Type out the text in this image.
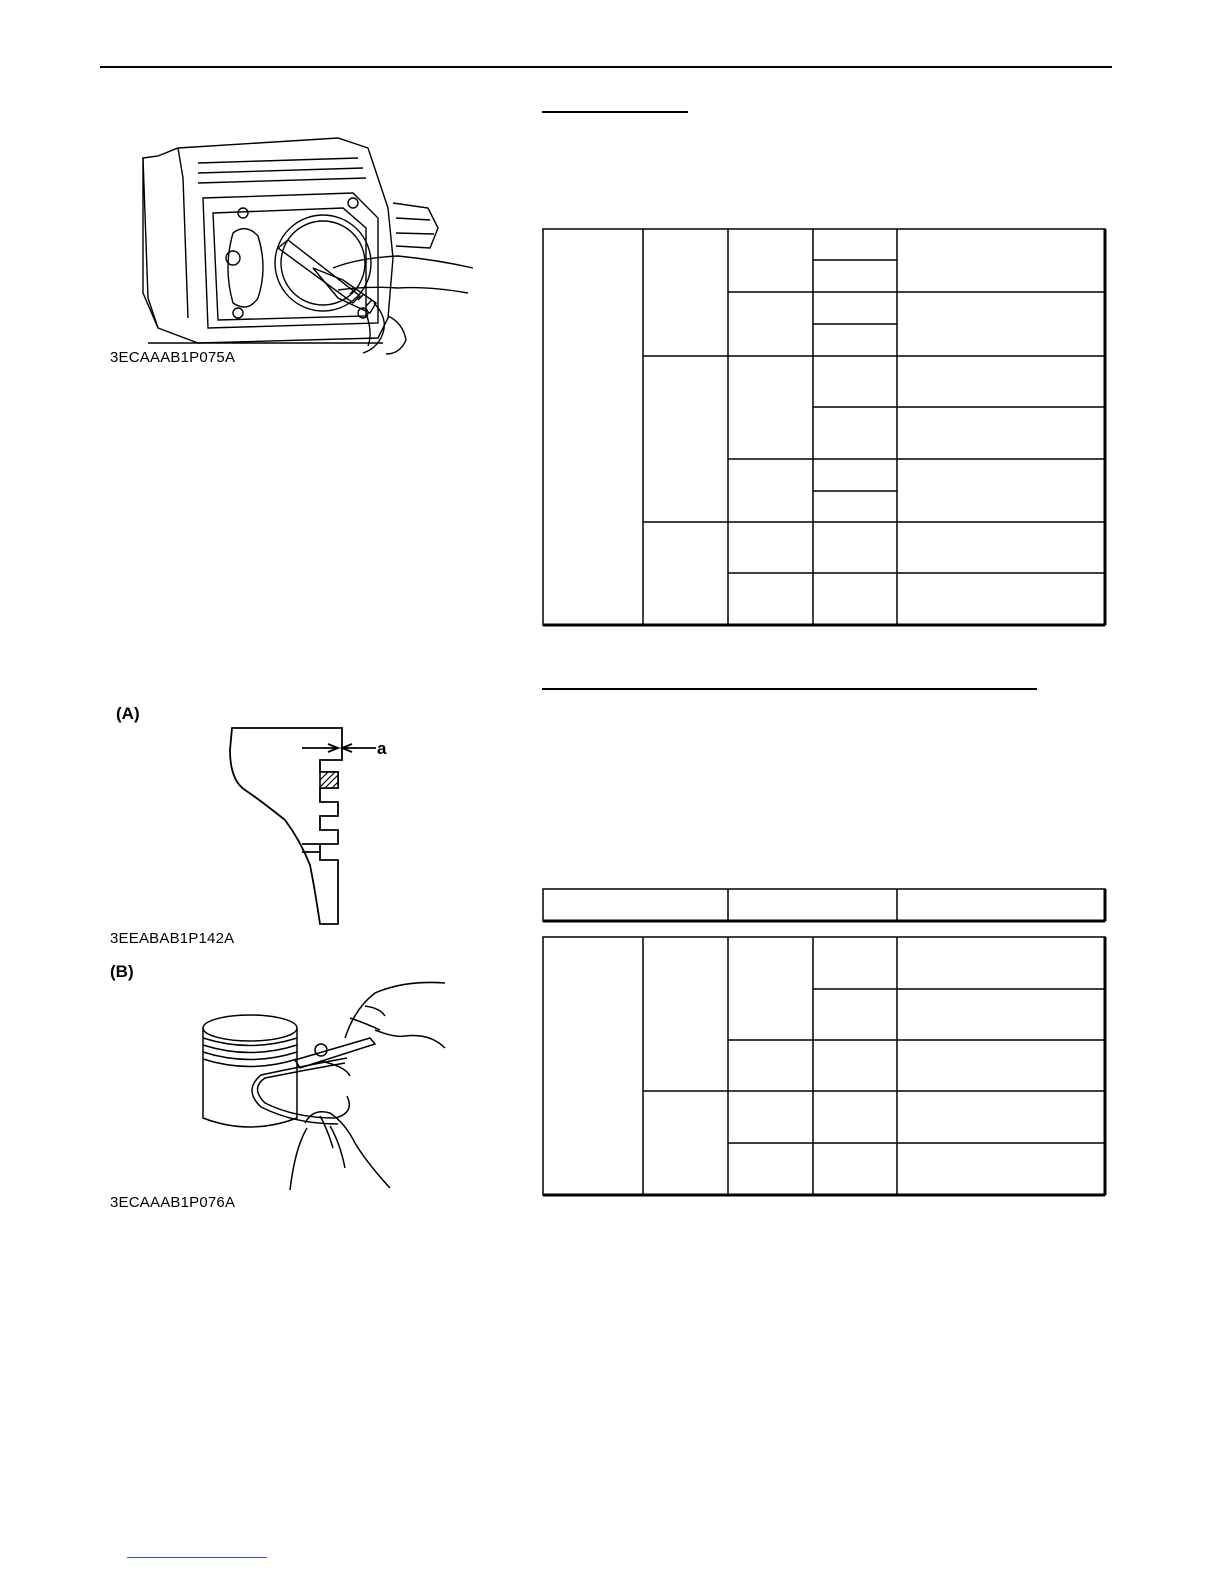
3ECAAAB1P075A
(A)
a
3EEABAB1P142A
(B)
3ECAAAB1P076A
